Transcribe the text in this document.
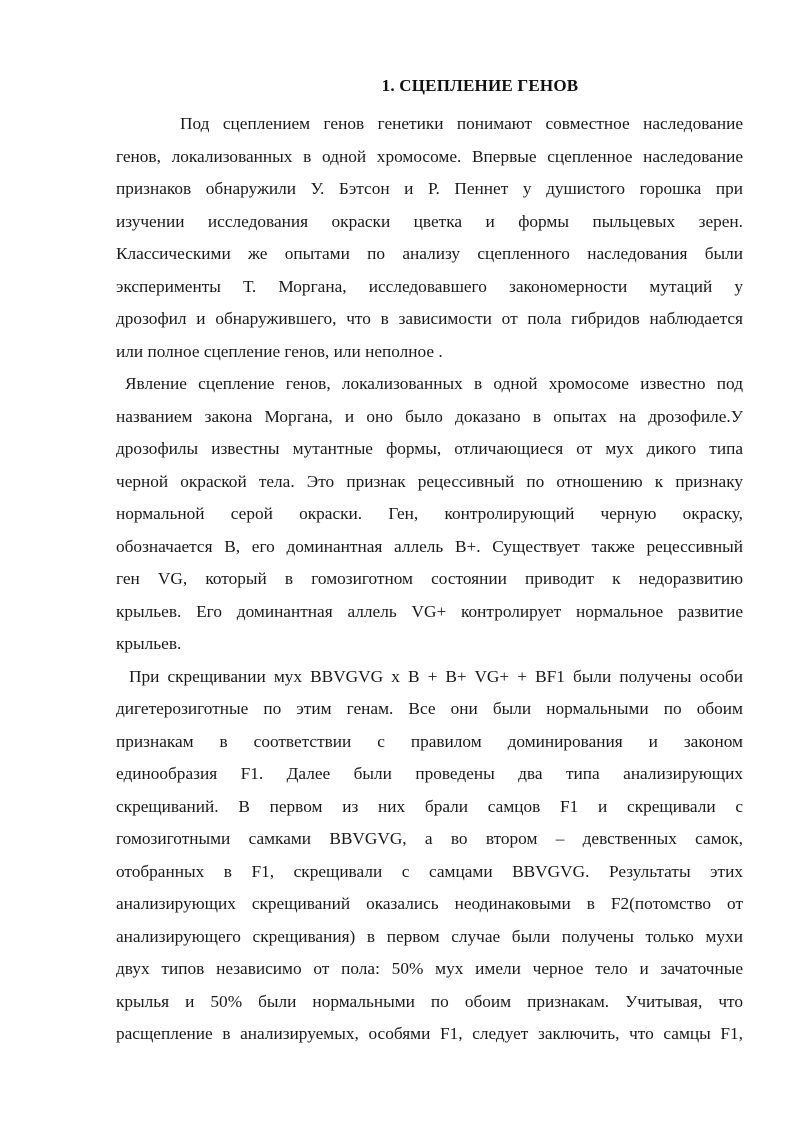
1. СЦЕПЛЕНИЕ ГЕНОВ
Под сцеплением генов генетики понимают совместное наследование
генов, локализованных в одной хромосоме. Впервые сцепленное наследование
признаков обнаружили У. Бэтсон и Р. Пеннет у душистого горошка при
изучении исследования окраски цветка и формы пыльцевых зерен.
Классическими же опытами по анализу сцепленного наследования были
эксперименты Т. Моргана, исследовавшего закономерности мутаций у
дрозофил и обнаружившего, что в зависимости от пола гибридов наблюдается
или полное сцепление генов, или неполное .
Явление сцепление генов, локализованных в одной хромосоме известно под
названием закона Моргана, и оно было доказано в опытах на дрозофиле.У
дрозофилы известны мутантные формы, отличающиеся от мух дикого типа
черной окраской тела. Это признак рецессивный по отношению к признаку
нормальной серой окраски. Ген, контролирующий черную окраску,
обозначается B, его доминантная аллель B+. Существует также рецессивный
ген VG, который в гомозиготном состоянии приводит к недоразвитию
крыльев. Его доминантная аллель VG+ контролирует нормальное развитие
крыльев.
При скрещивании мух BBVGVG x B + B+ VG+ + BF1 были получены особи
дигетерозиготные по этим генам. Все они были нормальными по обоим
признакам в соответствии с правилом доминирования и законом
единообразия F1. Далее были проведены два типа анализирующих
скрещиваний. В первом из них брали самцов F1 и скрещивали с
гомозиготными самками BBVGVG, а во втором – девственных самок,
отобранных в F1, скрещивали с самцами BBVGVG. Результаты этих
анализирующих скрещиваний оказались неодинаковыми в F2(потомство от
анализирующего скрещивания) в первом случае были получены только мухи
двух типов независимо от пола: 50% мух имели черное тело и зачаточные
крылья и 50% были нормальными по обоим признакам. Учитывая, что
расщепление в анализируемых, особями F1, следует заключить, что самцы F1,
